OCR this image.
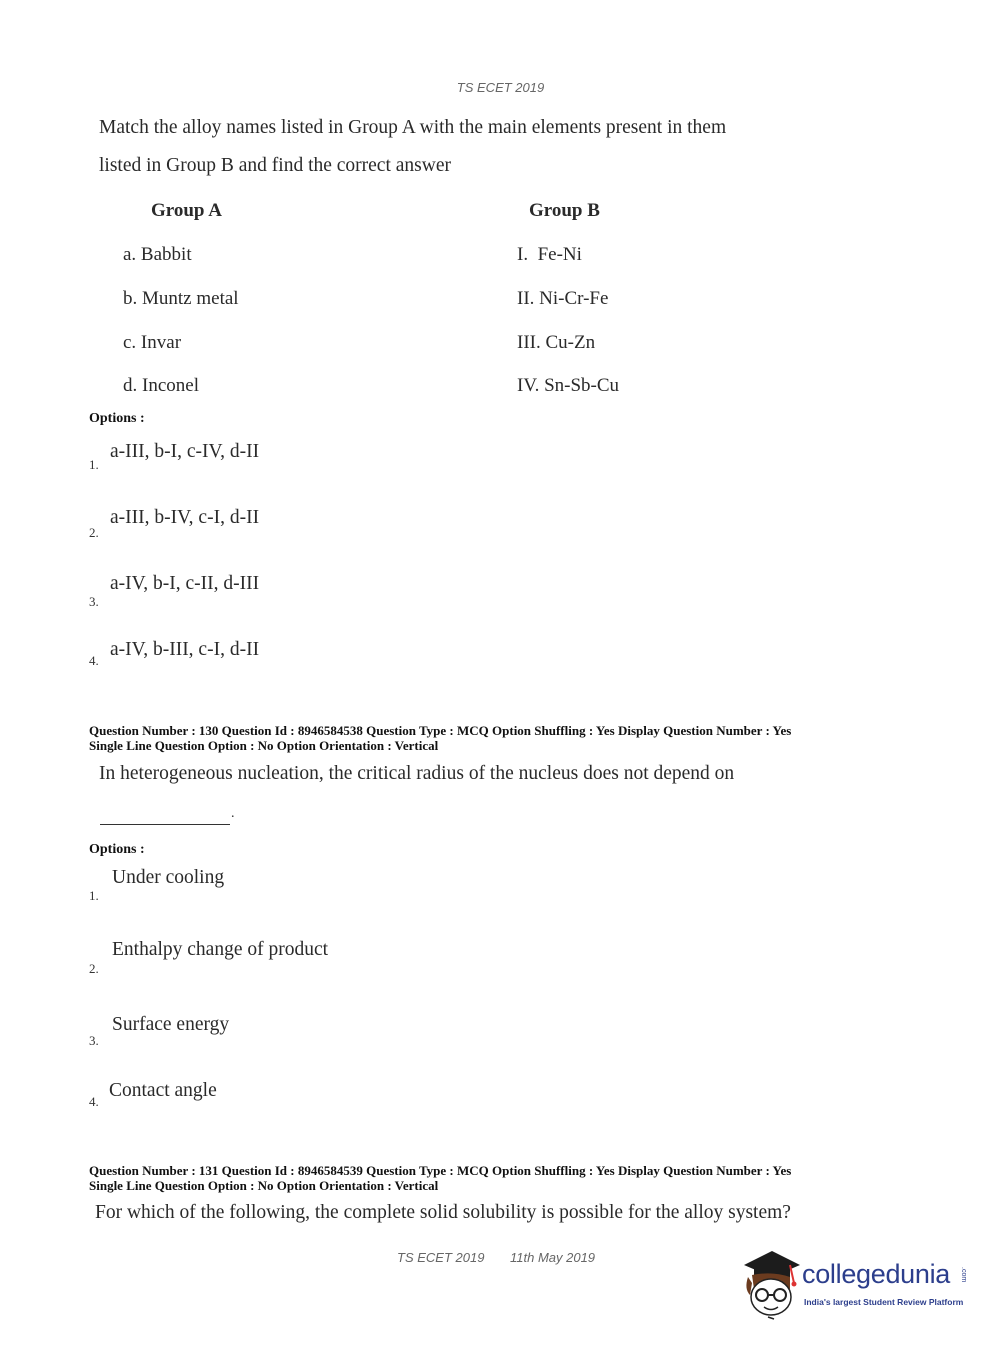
TS ECET 2019
Match the alloy names listed in Group A with the main elements present in them
listed in Group B and find the correct answer
Group A	Group B
a. Babbit
b. Muntz metal
c. Invar
d. Inconel
I.  Fe-Ni
II. Ni-Cr-Fe
III. Cu-Zn
IV. Sn-Sb-Cu
Options :
1.
a-III, b-I, c-IV, d-II
2.
a-III, b-IV, c-I, d-II
3.
a-IV, b-I, c-II, d-III
4.
a-IV, b-III, c-I, d-II
Question Number : 130 Question Id : 8946584538 Question Type : MCQ Option Shuffling : Yes Display Question Number : Yes
Single Line Question Option : No Option Orientation : Vertical
In heterogeneous nucleation, the critical radius of the nucleus does not depend on
.
Options :
1.
Under cooling
2.
Enthalpy change of product
3.
Surface energy
4.
Contact angle
Question Number : 131 Question Id : 8946584539 Question Type : MCQ Option Shuffling : Yes Display Question Number : Yes
Single Line Question Option : No Option Orientation : Vertical
For which of the following, the complete solid solubility is possible for the alloy system?
TS ECET 2019 11th May 2019
collegedunia .com
India's largest Student Review Platform
